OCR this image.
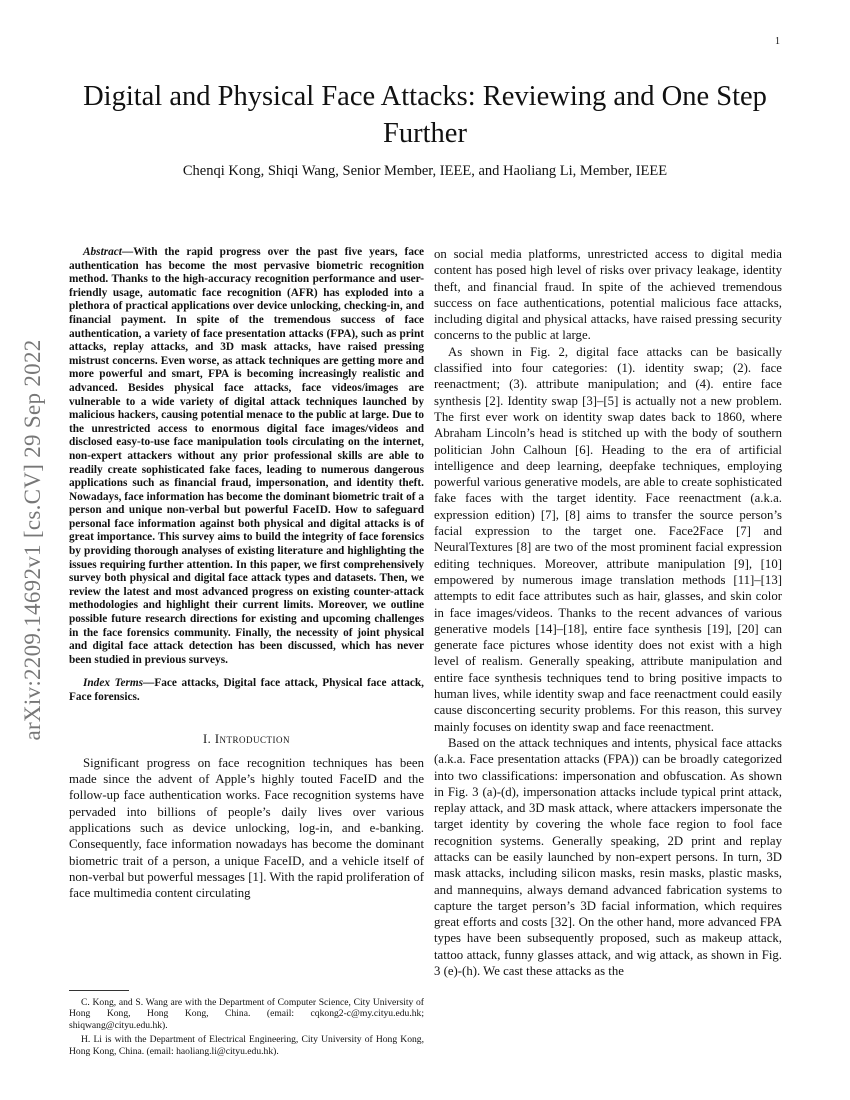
1
arXiv:2209.14692v1 [cs.CV] 29 Sep 2022
Digital and Physical Face Attacks: Reviewing and One Step Further
Chenqi Kong, Shiqi Wang, Senior Member, IEEE, and Haoliang Li, Member, IEEE

Abstract—With the rapid progress over the past five years, face authentication has become the most pervasive biometric recognition method. Thanks to the high-accuracy recognition performance and user-friendly usage, automatic face recognition (AFR) has exploded into a plethora of practical applications over device unlocking, checking-in, and financial payment. In spite of the tremendous success of face authentication, a variety of face presentation attacks (FPA), such as print attacks, replay attacks, and 3D mask attacks, have raised pressing mistrust concerns. Even worse, as attack techniques are getting more and more powerful and smart, FPA is becoming increasingly realistic and advanced. Besides physical face attacks, face videos/images are vulnerable to a wide variety of digital attack techniques launched by malicious hackers, causing potential menace to the public at large. Due to the unrestricted access to enormous digital face images/videos and disclosed easy-to-use face manipulation tools circulating on the internet, non-expert attackers without any prior professional skills are able to readily create sophisticated fake faces, leading to numerous dangerous applications such as financial fraud, impersonation, and identity theft. Nowadays, face information has become the dominant biometric trait of a person and unique non-verbal but powerful FaceID. How to safeguard personal face information against both physical and digital attacks is of great importance. This survey aims to build the integrity of face forensics by providing thorough analyses of existing literature and highlighting the issues requiring further attention. In this paper, we first comprehensively survey both physical and digital face attack types and datasets. Then, we review the latest and most advanced progress on existing counter-attack methodologies and highlight their current limits. Moreover, we outline possible future research directions for existing and upcoming challenges in the face forensics community. Finally, the necessity of joint physical and digital face attack detection has been discussed, which has never been studied in previous surveys.

Index Terms—Face attacks, Digital face attack, Physical face attack, Face forensics.

I. Introduction

Significant progress on face recognition techniques has been made since the advent of Apple’s highly touted FaceID and the follow-up face authentication works. Face recognition systems have pervaded into billions of people’s daily lives over various applications such as device unlocking, log-in, and e-banking. Consequently, face information nowadays has become the dominant biometric trait of a person, a unique FaceID, and a vehicle itself of non-verbal but powerful messages [1]. With the rapid proliferation of face multimedia content circulating

on social media platforms, unrestricted access to digital media content has posed high level of risks over privacy leakage, identity theft, and financial fraud. In spite of the achieved tremendous success on face authentications, potential malicious face attacks, including digital and physical attacks, have raised pressing security concerns to the public at large.

As shown in Fig. 2, digital face attacks can be basically classified into four categories: (1). identity swap; (2). face reenactment; (3). attribute manipulation; and (4). entire face synthesis [2]. Identity swap [3]–[5] is actually not a new problem. The first ever work on identity swap dates back to 1860, where Abraham Lincoln’s head is stitched up with the body of southern politician John Calhoun [6]. Heading to the era of artificial intelligence and deep learning, deepfake techniques, employing powerful various generative models, are able to create sophisticated fake faces with the target identity. Face reenactment (a.k.a. expression edition) [7], [8] aims to transfer the source person’s facial expression to the target one. Face2Face [7] and NeuralTextures [8] are two of the most prominent facial expression editing techniques. Moreover, attribute manipulation [9], [10] empowered by numerous image translation methods [11]–[13] attempts to edit face attributes such as hair, glasses, and skin color in face images/videos. Thanks to the recent advances of various generative models [14]–[18], entire face synthesis [19], [20] can generate face pictures whose identity does not exist with a high level of realism. Generally speaking, attribute manipulation and entire face synthesis techniques tend to bring positive impacts to human lives, while identity swap and face reenactment could easily cause disconcerting security problems. For this reason, this survey mainly focuses on identity swap and face reenactment.

Based on the attack techniques and intents, physical face attacks (a.k.a. Face presentation attacks (FPA)) can be broadly categorized into two classifications: impersonation and obfuscation. As shown in Fig. 3 (a)-(d), impersonation attacks include typical print attack, replay attack, and 3D mask attack, where attackers impersonate the target identity by covering the whole face region to fool face recognition systems. Generally speaking, 2D print and replay attacks can be easily launched by non-expert persons. In turn, 3D mask attacks, including silicon masks, resin masks, plastic masks, and mannequins, always demand advanced fabrication systems to capture the target person’s 3D facial information, which requires great efforts and costs [32]. On the other hand, more advanced FPA types have been subsequently proposed, such as makeup attack, tattoo attack, funny glasses attack, and wig attack, as shown in Fig. 3 (e)-(h). We cast these attacks as the

C. Kong, and S. Wang are with the Department of Computer Science, City University of Hong Kong, Hong Kong, China. (email: cqkong2-c@my.cityu.edu.hk; shiqwang@cityu.edu.hk).

H. Li is with the Department of Electrical Engineering, City University of Hong Kong, Hong Kong, China. (email: haoliang.li@cityu.edu.hk).
